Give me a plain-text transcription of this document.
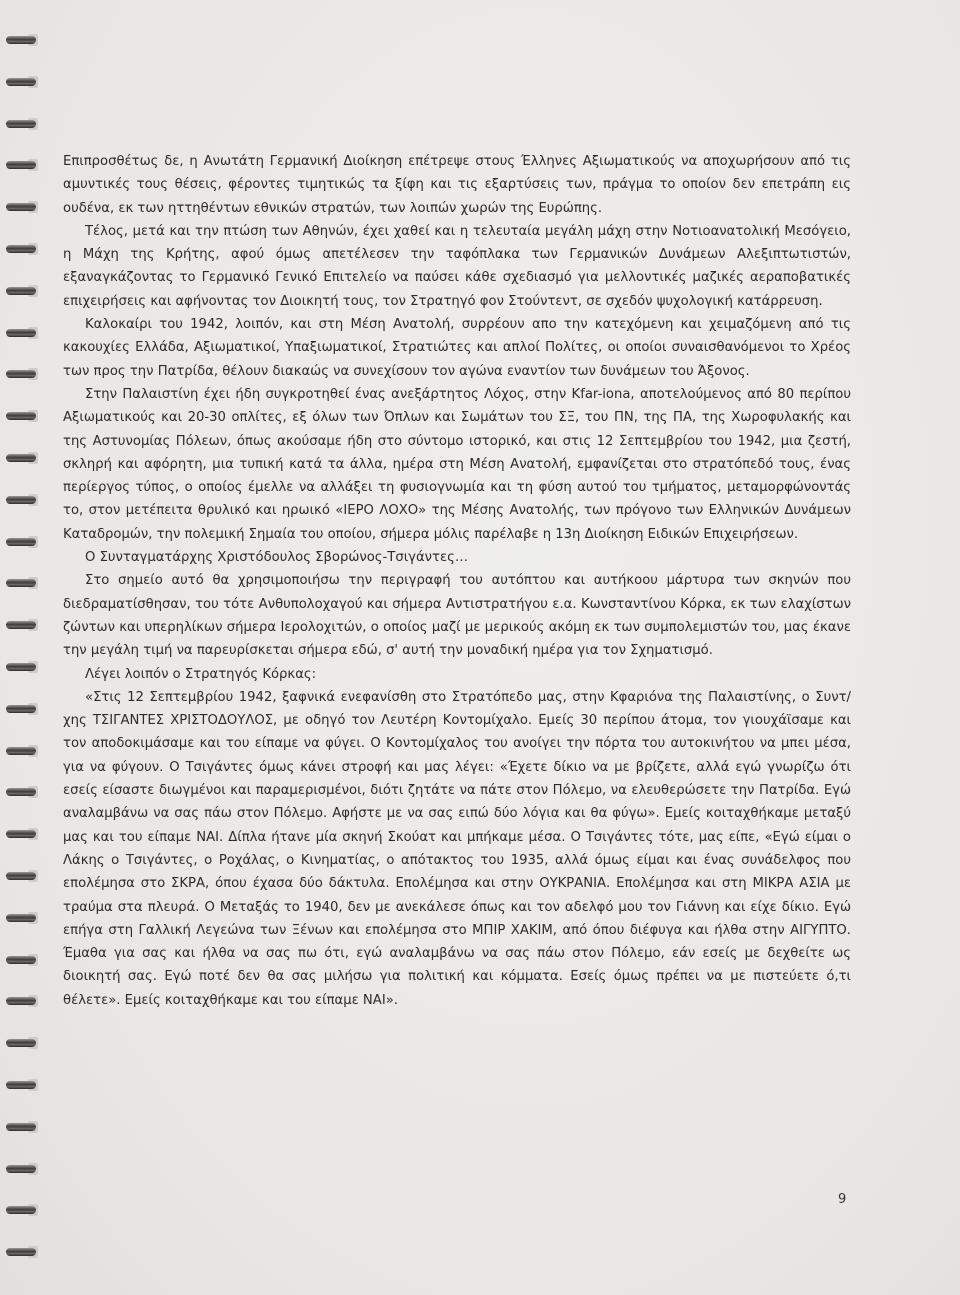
Επιπροσθέτως δε, η Ανωτάτη Γερμανική Διοίκηση επέτρεψε στους Έλληνες Αξιωματικούς να αποχωρήσουν από τις αμυντικές τους θέσεις, φέροντες τιμητικώς τα ξίφη και τις εξαρτύσεις των, πράγμα το οποίον δεν επετράπη εις ουδένα, εκ των ηττηθέντων εθνικών στρατών, των λοιπών χωρών της Ευρώπης.

Τέλος, μετά και την πτώση των Αθηνών, έχει χαθεί και η τελευταία μεγάλη μάχη στην Νοτιοανατολική Μεσόγειο, η Μάχη της Κρήτης, αφού όμως απετέλεσεν την ταφόπλακα των Γερμανικών Δυνάμεων Αλεξιπτωτιστών, εξαναγκάζοντας το Γερμανικό Γενικό Επιτελείο να παύσει κάθε σχεδιασμό για μελλοντικές μαζικές αεραποβατικές επιχειρήσεις και αφήνοντας τον Διοικητή τους, τον Στρατηγό φον Στούντεντ, σε σχεδόν ψυχολογική κατάρρευση.

Καλοκαίρι του 1942, λοιπόν, και στη Μέση Ανατολή, συρρέουν απο την κατεχόμενη και χειμαζόμενη από τις κακουχίες Ελλάδα, Αξιωματικοί, Υπαξιωματικοί, Στρατιώτες και απλοί Πολίτες, οι οποίοι συναισθανόμενοι το Χρέος των προς την Πατρίδα, θέλουν διακαώς να συνεχίσουν τον αγώνα εναντίον των δυνάμεων του Άξονος.

Στην Παλαιστίνη έχει ήδη συγκροτηθεί ένας ανεξάρτητος Λόχος, στην Kfar-iona, αποτελούμενος από 80 περίπου Αξιωματικούς και 20-30 οπλίτες, εξ όλων των Όπλων και Σωμάτων του ΣΞ, του ΠΝ, της ΠΑ, της Χωροφυλακής και της Αστυνομίας Πόλεων, όπως ακούσαμε ήδη στο σύντομο ιστορικό, και στις 12 Σεπτεμβρίου του 1942, μια ζεστή, σκληρή και αφόρητη, μια τυπική κατά τα άλλα, ημέρα στη Μέση Ανατολή, εμφανίζεται στο στρατόπεδό τους, ένας περίεργος τύπος, ο οποίος έμελλε να αλλάξει τη φυσιογνωμία και τη φύση αυτού του τμήματος, μεταμορφώνοντάς το, στον μετέπειτα θρυλικό και ηρωικό «ΙΕΡΟ ΛΟΧΟ» της Μέσης Ανατολής, των πρόγονο των Ελληνικών Δυνάμεων Καταδρομών, την πολεμική Σημαία του οποίου, σήμερα μόλις παρέλαβε η 13η Διοίκηση Ειδικών Επιχειρήσεων.

Ο Συνταγματάρχης Χριστόδουλος Σβορώνος-Τσιγάντες…

Στο σημείο αυτό θα χρησιμοποιήσω την περιγραφή του αυτόπτου και αυτήκοου μάρτυρα των σκηνών που διεδραματίσθησαν, του τότε Ανθυπολοχαγού και σήμερα Αντιστρατήγου ε.α. Κωνσταντίνου Κόρκα, εκ των ελαχίστων ζώντων και υπερηλίκων σήμερα Ιερολοχιτών, ο οποίος μαζί με μερικούς ακόμη εκ των συμπολεμιστών του, μας έκανε την μεγάλη τιμή να παρευρίσκεται σήμερα εδώ, σ' αυτή την μοναδική ημέρα για τον Σχηματισμό.

Λέγει λοιπόν ο Στρατηγός Κόρκας:

«Στις 12 Σεπτεμβρίου 1942, ξαφνικά ενεφανίσθη στο Στρατόπεδο μας, στην Κφαριόνα της Παλαιστίνης, ο Συντ/χης ΤΣΙΓΑΝΤΕΣ ΧΡΙΣΤΟΔΟΥΛΟΣ, με οδηγό τον Λευτέρη Κοντομίχαλο. Εμείς 30 περίπου άτομα, τον γιουχάϊσαμε και τον αποδοκιμάσαμε και του είπαμε να φύγει. Ο Κοντομίχαλος του ανοίγει την πόρτα του αυτοκινήτου να μπει μέσα, για να φύγουν. Ο Τσιγάντες όμως κάνει στροφή και μας λέγει: «Έχετε δίκιο να με βρίζετε, αλλά εγώ γνωρίζω ότι εσείς είσαστε διωγμένοι και παραμερισμένοι, διότι ζητάτε να πάτε στον Πόλεμο, να ελευθερώσετε την Πατρίδα. Εγώ αναλαμβάνω να σας πάω στον Πόλεμο. Αφήστε με να σας ειπώ δύο λόγια και θα φύγω». Εμείς κοιταχθήκαμε μεταξύ μας και του είπαμε ΝΑΙ. Δίπλα ήτανε μία σκηνή Σκούατ και μπήκαμε μέσα. Ο Τσιγάντες τότε, μας είπε, «Εγώ είμαι ο Λάκης ο Τσιγάντες, ο Ροχάλας, ο Κινηματίας, ο απότακτος του 1935, αλλά όμως είμαι και ένας συνάδελφος που επολέμησα στο ΣΚΡΑ, όπου έχασα δύο δάκτυλα. Επολέμησα και στην ΟΥΚΡΑΝΙΑ. Επολέμησα και στη ΜΙΚΡΑ ΑΣΙΑ με τραύμα στα πλευρά. Ο Μεταξάς το 1940, δεν με ανεκάλεσε όπως και τον αδελφό μου τον Γιάννη και είχε δίκιο. Εγώ επήγα στη Γαλλική Λεγεώνα των Ξένων και επολέμησα στο ΜΠΙΡ ΧΑΚΙΜ, από όπου διέφυγα και ήλθα στην ΑΙΓΥΠΤΟ. Έμαθα για σας και ήλθα να σας πω ότι, εγώ αναλαμβάνω να σας πάω στον Πόλεμο, εάν εσείς με δεχθείτε ως διοικητή σας. Εγώ ποτέ δεν θα σας μιλήσω για πολιτική και κόμματα. Εσείς όμως πρέπει να με πιστεύετε ό,τι θέλετε». Εμείς κοιταχθήκαμε και του είπαμε ΝΑΙ».

9
